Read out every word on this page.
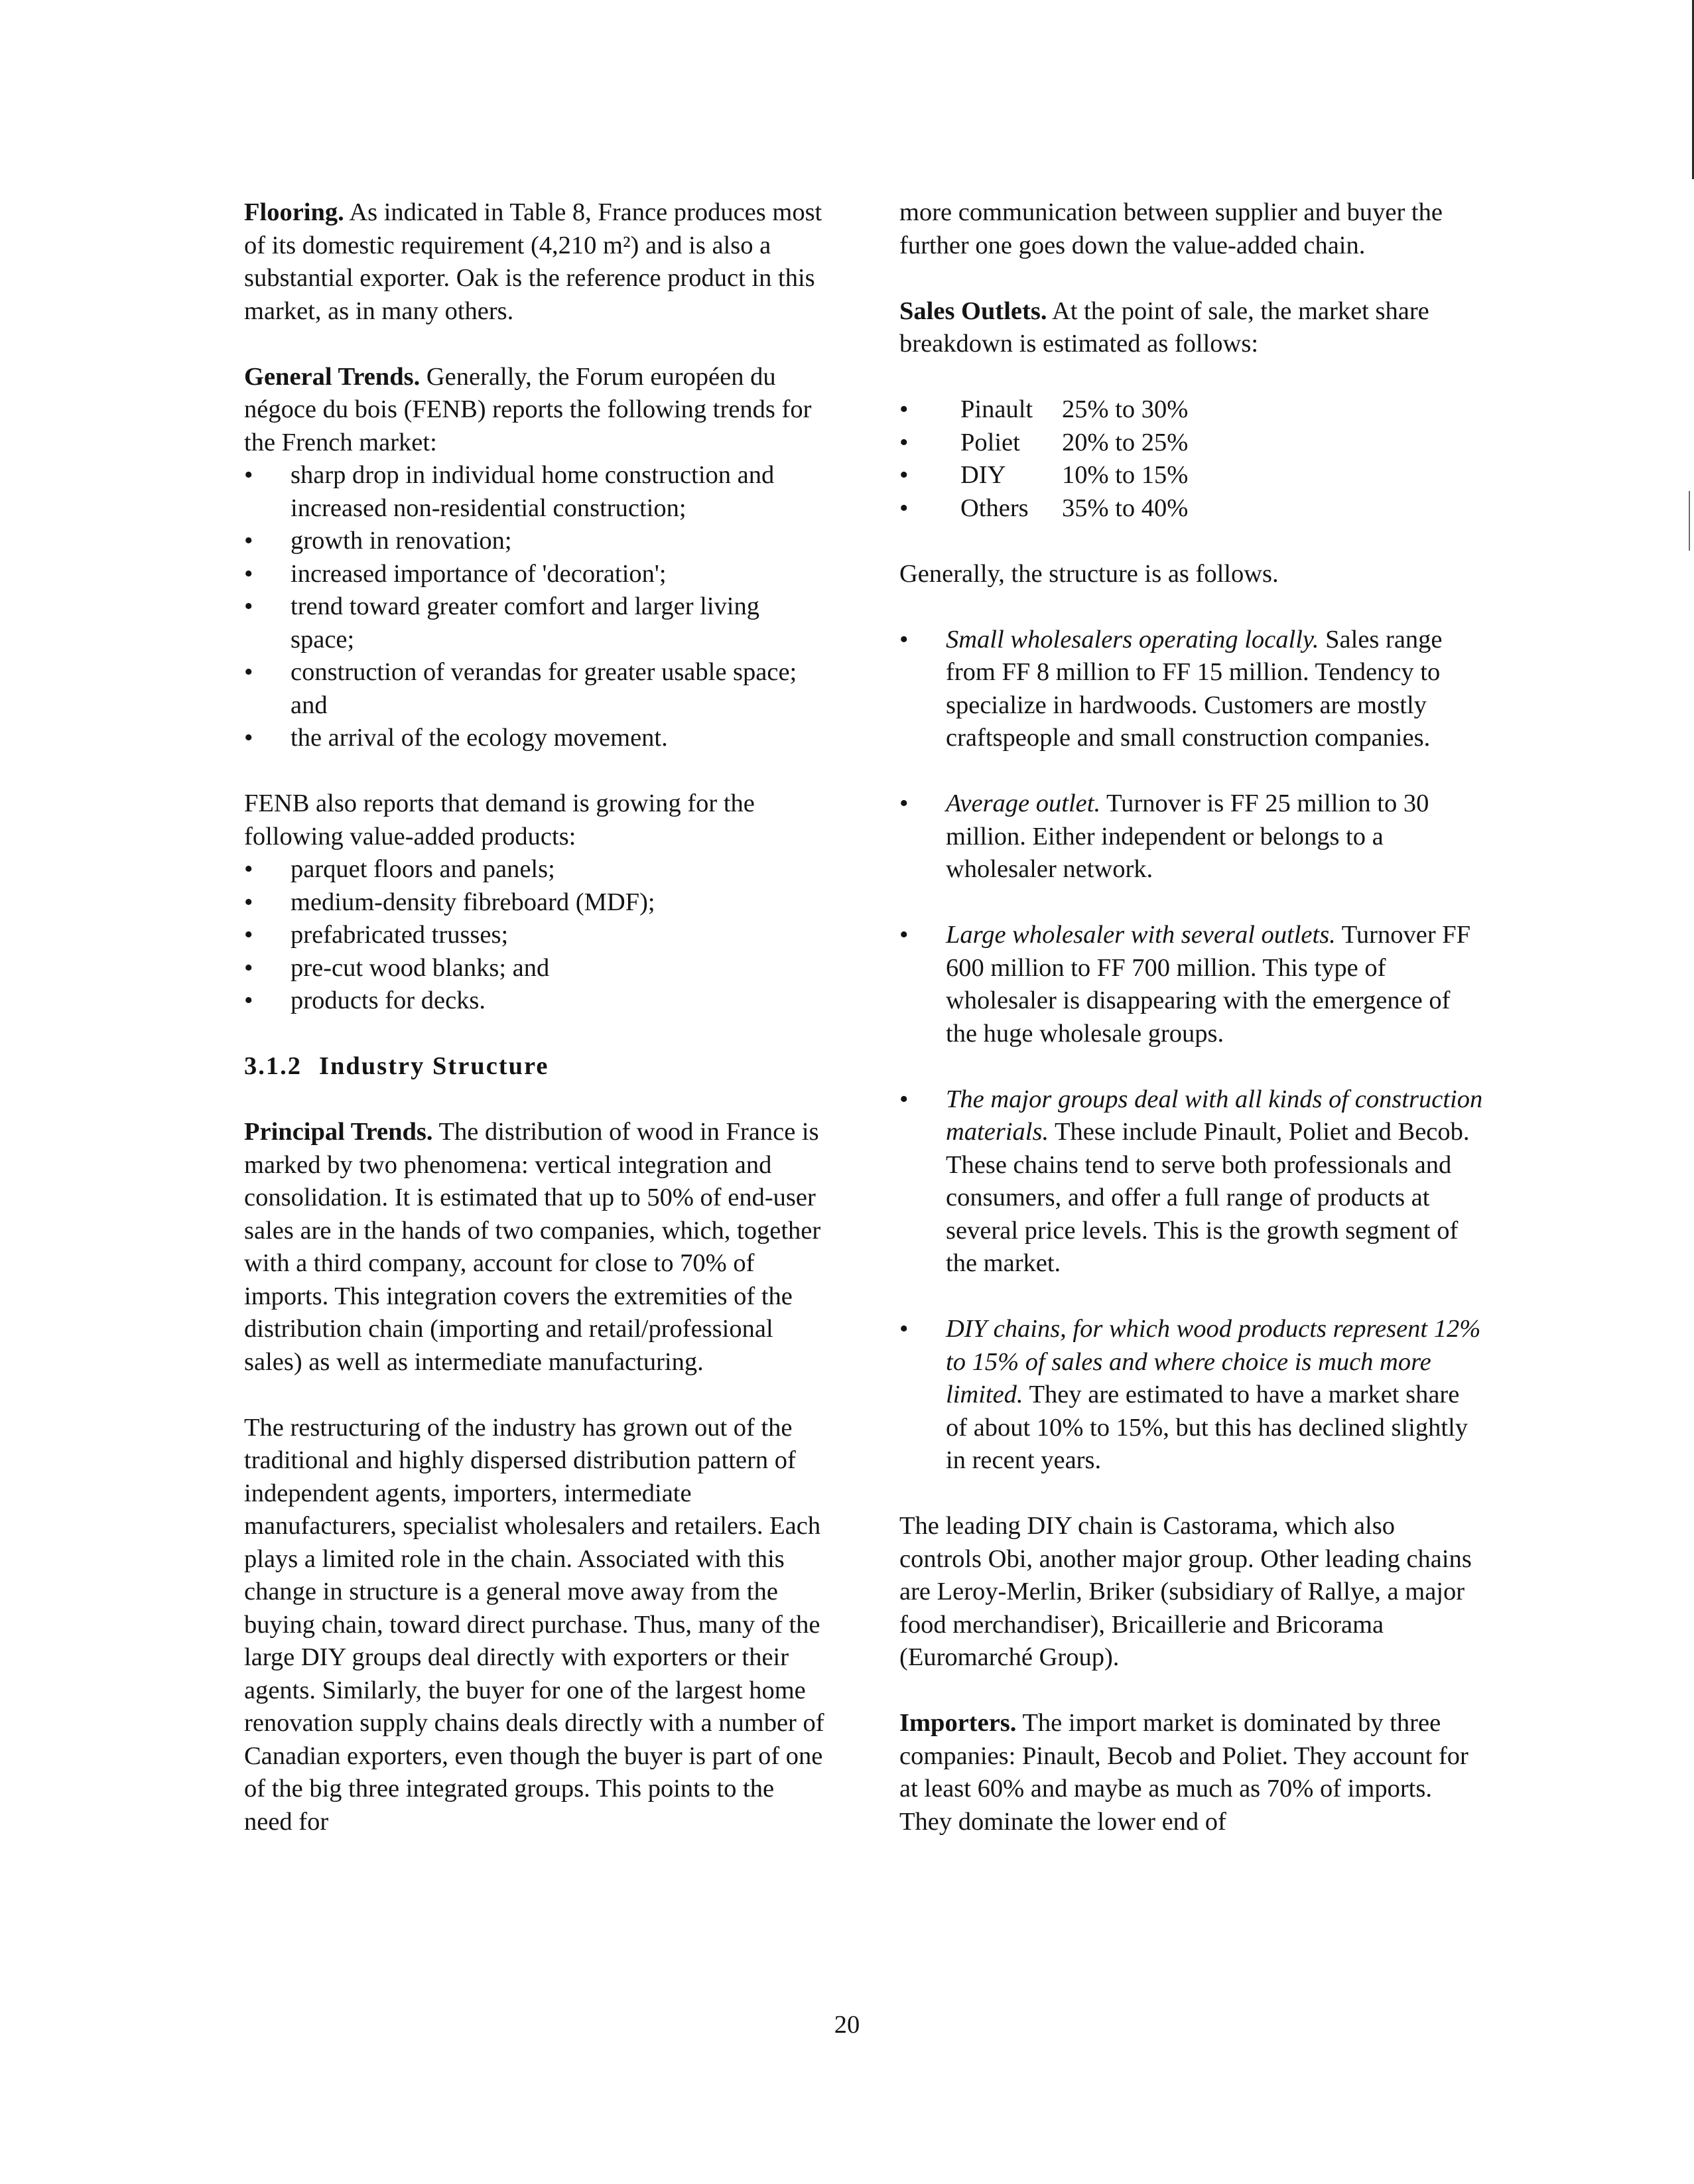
Flooring. As indicated in Table 8, France produces most of its domestic requirement (4,210 m²) and is also a substantial exporter. Oak is the reference product in this market, as in many others.

General Trends. Generally, the Forum européen du négoce du bois (FENB) reports the following trends for the French market:

•	sharp drop in individual home construction and increased non-residential construction;
•	growth in renovation;
•	increased importance of 'decoration';
•	trend toward greater comfort and larger living space;
•	construction of verandas for greater usable space; and
•	the arrival of the ecology movement.

FENB also reports that demand is growing for the following value-added products:

•	parquet floors and panels;
•	medium-density fibreboard (MDF);
•	prefabricated trusses;
•	pre-cut wood blanks; and
•	products for decks.

3.1.2 Industry Structure

Principal Trends. The distribution of wood in France is marked by two phenomena: vertical integration and consolidation. It is estimated that up to 50% of end-user sales are in the hands of two companies, which, together with a third company, account for close to 70% of imports. This integration covers the extremities of the distribution chain (importing and retail/professional sales) as well as intermediate manufacturing.

The restructuring of the industry has grown out of the traditional and highly dispersed distribution pattern of independent agents, importers, intermediate manufacturers, specialist wholesalers and retailers. Each plays a limited role in the chain. Associated with this change in structure is a general move away from the buying chain, toward direct purchase. Thus, many of the large DIY groups deal directly with exporters or their agents. Similarly, the buyer for one of the largest home renovation supply chains deals directly with a number of Canadian exporters, even though the buyer is part of one of the big three integrated groups. This points to the need for

more communication between supplier and buyer the further one goes down the value-added chain.

Sales Outlets. At the point of sale, the market share breakdown is estimated as follows:

• Pinault 25% to 30%
• Poliet 20% to 25%
• DIY 10% to 15%
• Others 35% to 40%

Generally, the structure is as follows.

• Small wholesalers operating locally. Sales range from FF 8 million to FF 15 million. Tendency to specialize in hardwoods. Customers are mostly craftspeople and small construction companies.
• Average outlet. Turnover is FF 25 million to 30 million. Either independent or belongs to a wholesaler network.
• Large wholesaler with several outlets. Turnover FF 600 million to FF 700 million. This type of wholesaler is disappearing with the emergence of the huge wholesale groups.
• The major groups deal with all kinds of construction materials. These include Pinault, Poliet and Becob. These chains tend to serve both professionals and consumers, and offer a full range of products at several price levels. This is the growth segment of the market.
• DIY chains, for which wood products represent 12% to 15% of sales and where choice is much more limited. They are estimated to have a market share of about 10% to 15%, but this has declined slightly in recent years.

The leading DIY chain is Castorama, which also controls Obi, another major group. Other leading chains are Leroy-Merlin, Briker (subsidiary of Rallye, a major food merchandiser), Bricaillerie and Bricorama (Euromarché Group).

Importers. The import market is dominated by three companies: Pinault, Becob and Poliet. They account for at least 60% and maybe as much as 70% of imports. They dominate the lower end of

20
